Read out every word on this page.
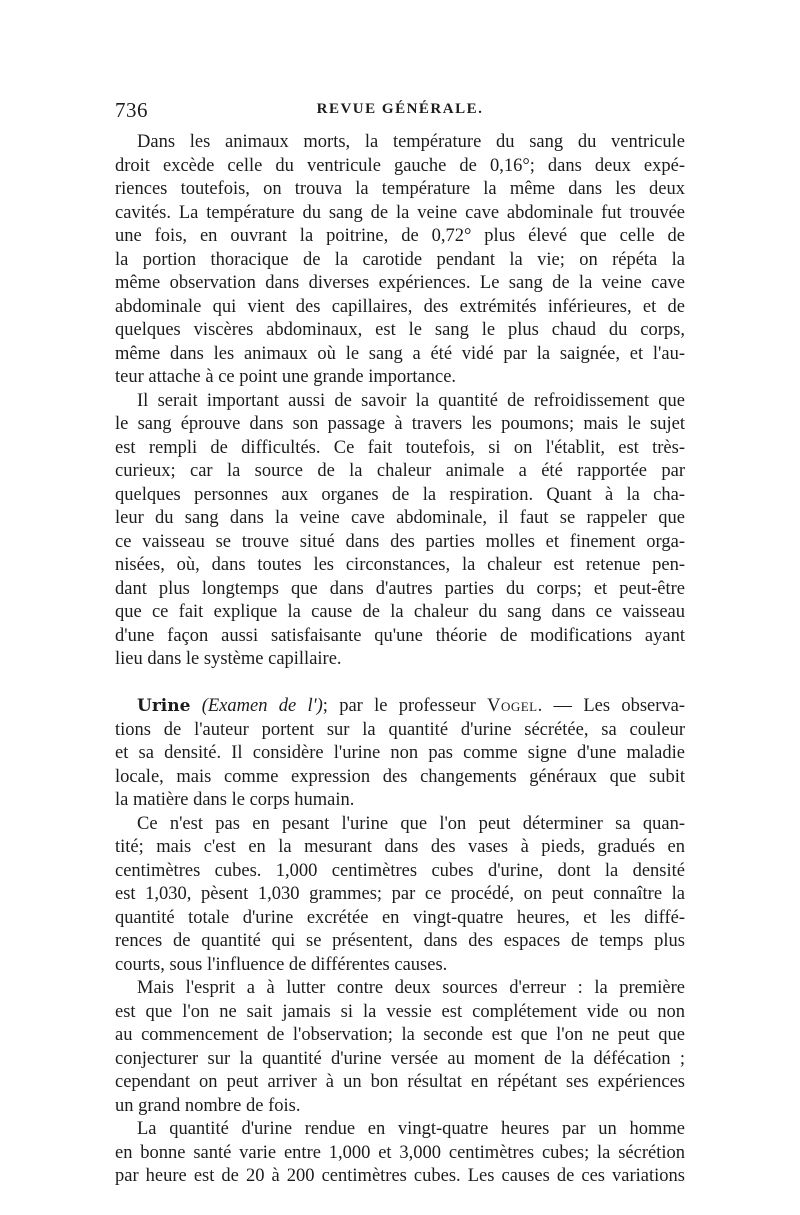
736	REVUE GÉNÉRALE.
Dans les animaux morts, la température du sang du ventricule
droit excède celle du ventricule gauche de 0,16°; dans deux expé-
riences toutefois, on trouva la température la même dans les deux
cavités. La température du sang de la veine cave abdominale fut trouvée
une fois, en ouvrant la poitrine, de 0,72° plus élevé que celle de
la portion thoracique de la carotide pendant la vie; on répéta la
même observation dans diverses expériences. Le sang de la veine cave
abdominale qui vient des capillaires, des extrémités inférieures, et de
quelques viscères abdominaux, est le sang le plus chaud du corps,
même dans les animaux où le sang a été vidé par la saignée, et l'au-
teur attache à ce point une grande importance.
Il serait important aussi de savoir la quantité de refroidissement que
le sang éprouve dans son passage à travers les poumons; mais le sujet
est rempli de difficultés. Ce fait toutefois, si on l'établit, est très-
curieux; car la source de la chaleur animale a été rapportée par
quelques personnes aux organes de la respiration. Quant à la cha-
leur du sang dans la veine cave abdominale, il faut se rappeler que
ce vaisseau se trouve situé dans des parties molles et finement orga-
nisées, où, dans toutes les circonstances, la chaleur est retenue pen-
dant plus longtemps que dans d'autres parties du corps; et peut-être
que ce fait explique la cause de la chaleur du sang dans ce vaisseau
d'une façon aussi satisfaisante qu'une théorie de modifications ayant
lieu dans le système capillaire.
Urine (Examen de l'); par le professeur Vogel. — Les observa-
tions de l'auteur portent sur la quantité d'urine sécrétée, sa couleur
et sa densité. Il considère l'urine non pas comme signe d'une maladie
locale, mais comme expression des changements généraux que subit
la matière dans le corps humain.
Ce n'est pas en pesant l'urine que l'on peut déterminer sa quan-
tité; mais c'est en la mesurant dans des vases à pieds, gradués en
centimètres cubes. 1,000 centimètres cubes d'urine, dont la densité
est 1,030, pèsent 1,030 grammes; par ce procédé, on peut connaître la
quantité totale d'urine excrétée en vingt-quatre heures, et les diffé-
rences de quantité qui se présentent, dans des espaces de temps plus
courts, sous l'influence de différentes causes.
Mais l'esprit a à lutter contre deux sources d'erreur : la première
est que l'on ne sait jamais si la vessie est complétement vide ou non
au commencement de l'observation; la seconde est que l'on ne peut que
conjecturer sur la quantité d'urine versée au moment de la défécation ;
cependant on peut arriver à un bon résultat en répétant ses expériences
un grand nombre de fois.
La quantité d'urine rendue en vingt-quatre heures par un homme
en bonne santé varie entre 1,000 et 3,000 centimètres cubes; la sécrétion
par heure est de 20 à 200 centimètres cubes. Les causes de ces variations
